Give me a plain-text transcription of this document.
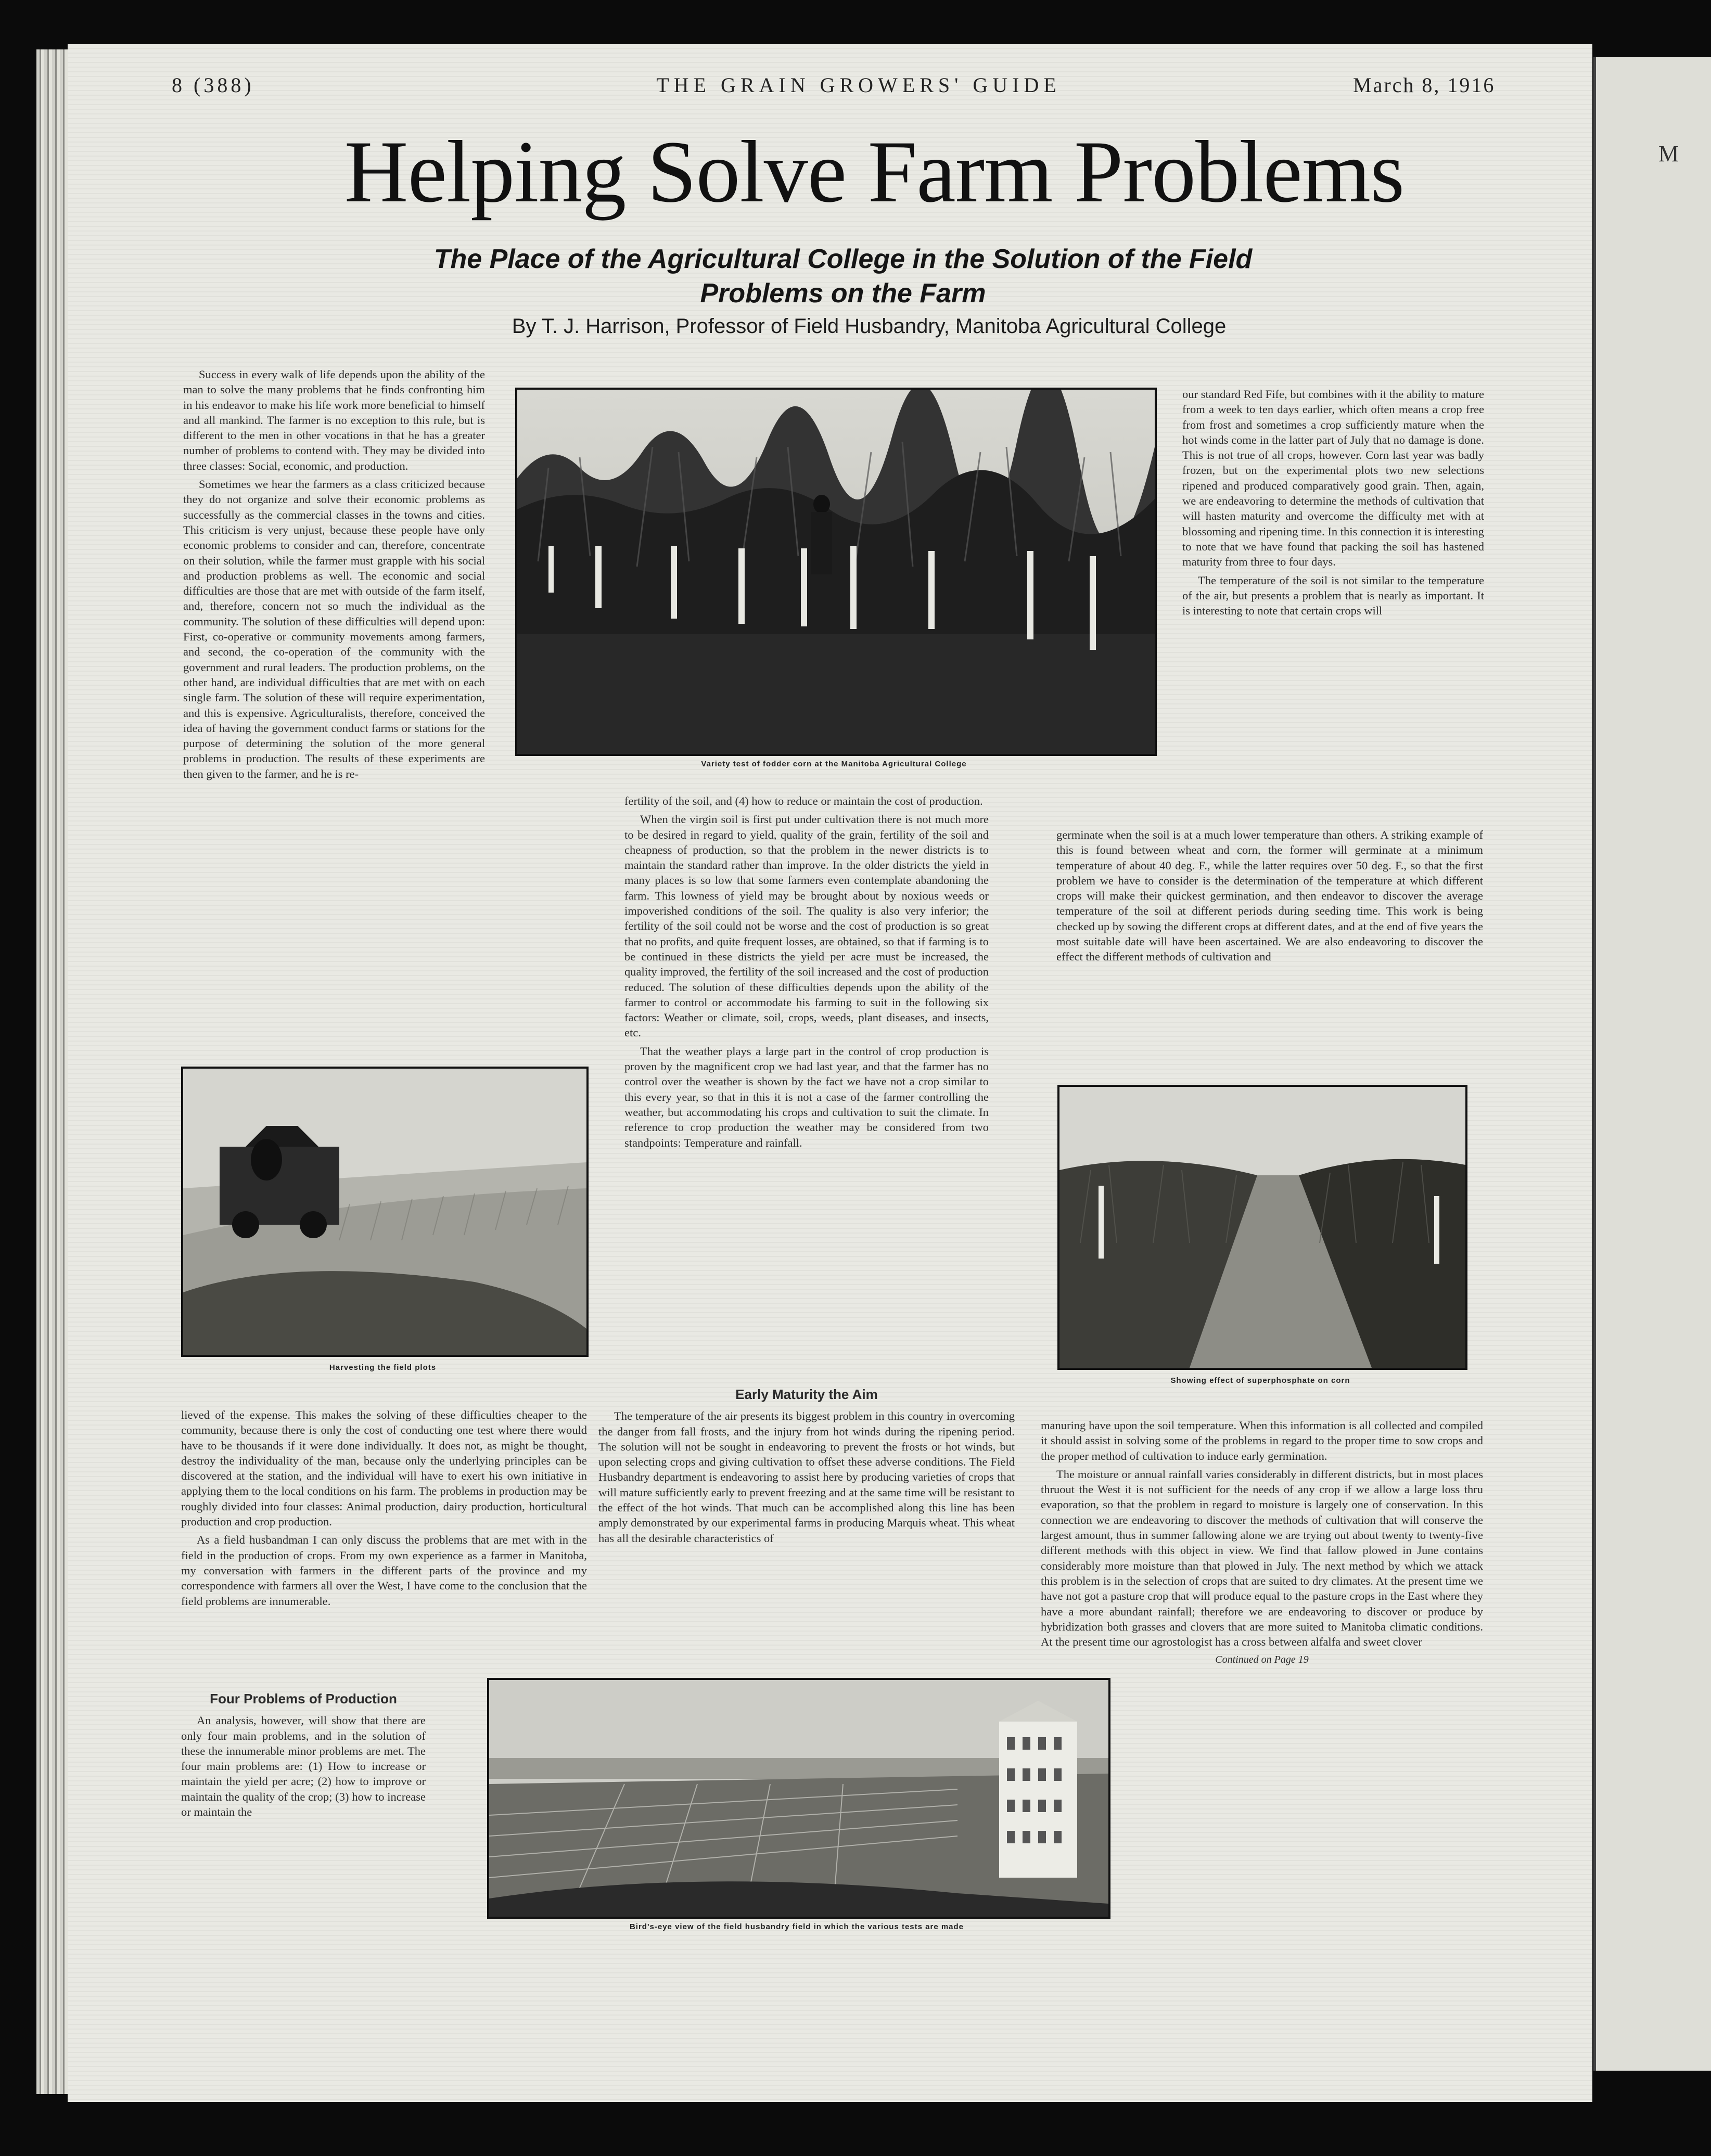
8 (388)	THE GRAIN GROWERS' GUIDE	March 8, 1916
Helping Solve Farm Problems
The Place of the Agricultural College in the Solution of the Field
Problems on the Farm
By T. J. Harrison, Professor of Field Husbandry, Manitoba Agricultural College

Success in every walk of life depends upon the ability of the man to solve the many problems that he finds confronting him in his endeavor to make his life work more beneficial to himself and all mankind. The farmer is no exception to this rule, but is different to the men in other vocations in that he has a greater number of problems to contend with. They may be divided into three classes: Social, economic, and production.

Sometimes we hear the farmers as a class criticized because they do not organize and solve their economic problems as successfully as the commercial classes in the towns and cities. This criticism is very unjust, because these people have only economic problems to consider and can, therefore, concentrate on their solution, while the farmer must grapple with his social and production problems as well. The economic and social difficulties are those that are met with outside of the farm itself, and, therefore, concern not so much the individual as the community. The solution of these difficulties will depend upon: First, co-operative or community movements among farmers, and second, the co-operation of the community with the government and rural leaders. The production problems, on the other hand, are individual difficulties that are met with on each single farm. The solution of these will require experimentation, and this is expensive. Agriculturalists, therefore, conceived the idea of having the government conduct farms or stations for the purpose of determining the solution of the more general problems in production. The results of these experiments are then given to the farmer, and he is re-

Variety test of fodder corn at the Manitoba Agricultural College

our standard Red Fife, but combines with it the ability to mature from a week to ten days earlier, which often means a crop free from frost and sometimes a crop sufficiently mature when the hot winds come in the latter part of July that no damage is done. This is not true of all crops, however. Corn last year was badly frozen, but on the experimental plots two new selections ripened and produced comparatively good grain. Then, again, we are endeavoring to determine the methods of cultivation that will hasten maturity and overcome the difficulty met with at blossoming and ripening time. In this connection it is interesting to note that we have found that packing the soil has hastened maturity from three to four days.

The temperature of the soil is not similar to the temperature of the air, but presents a problem that is nearly as important. It is interesting to note that certain crops will

fertility of the soil, and (4) how to reduce or maintain the cost of production.

When the virgin soil is first put under cultivation there is not much more to be desired in regard to yield, quality of the grain, fertility of the soil and cheapness of production, so that the problem in the newer districts is to maintain the standard rather than improve. In the older districts the yield in many places is so low that some farmers even contemplate abandoning the farm. This lowness of yield may be brought about by noxious weeds or impoverished conditions of the soil. The quality is also very inferior; the fertility of the soil could not be worse and the cost of production is so great that no profits, and quite frequent losses, are obtained, so that if farming is to be continued in these districts the yield per acre must be increased, the quality improved, the fertility of the soil increased and the cost of production reduced. The solution of these difficulties depends upon the ability of the farmer to control or accommodate his farming to suit in the following six factors: Weather or climate, soil, crops, weeds, plant diseases, and insects, etc.

That the weather plays a large part in the control of crop production is proven by the magnificent crop we had last year, and that the farmer has no control over the weather is shown by the fact we have not a crop similar to this every year, so that in this it is not a case of the farmer controlling the weather, but accommodating his crops and cultivation to suit the climate. In reference to crop production the weather may be considered from two standpoints: Temperature and rainfall.

germinate when the soil is at a much lower temperature than others. A striking example of this is found between wheat and corn, the former will germinate at a minimum temperature of about 40 deg. F., while the latter requires over 50 deg. F., so that the first problem we have to consider is the determination of the temperature at which different crops will make their quickest germination, and then endeavor to discover the average temperature of the soil at different periods during seeding time. This work is being checked up by sowing the different crops at different dates, and at the end of five years the most suitable date will have been ascertained. We are also endeavoring to discover the effect the different methods of cultivation and

Harvesting the field plots
Showing effect of superphosphate on corn

lieved of the expense. This makes the solving of these difficulties cheaper to the community, because there is only the cost of conducting one test where there would have to be thousands if it were done individually. It does not, as might be thought, destroy the individuality of the man, because only the underlying principles can be discovered at the station, and the individual will have to exert his own initiative in applying them to the local conditions on his farm. The problems in production may be roughly divided into four classes: Animal production, dairy production, horticultural production and crop production.

As a field husbandman I can only discuss the problems that are met with in the field in the production of crops. From my own experience as a farmer in Manitoba, my conversation with farmers in the different parts of the province and my correspondence with farmers all over the West, I have come to the conclusion that the field problems are innumerable.

Four Problems of Production

An analysis, however, will show that there are only four main problems, and in the solution of these the innumerable minor problems are met. The four main problems are: (1) How to increase or maintain the yield per acre; (2) how to improve or maintain the quality of the crop; (3) how to increase or maintain the

Early Maturity the Aim

The temperature of the air presents its biggest problem in this country in overcoming the danger from fall frosts, and the injury from hot winds during the ripening period. The solution will not be sought in endeavoring to prevent the frosts or hot winds, but upon selecting crops and giving cultivation to offset these adverse conditions. The Field Husbandry department is endeavoring to assist here by producing varieties of crops that will mature sufficiently early to prevent freezing and at the same time will be resistant to the effect of the hot winds. That much can be accomplished along this line has been amply demonstrated by our experimental farms in producing Marquis wheat. This wheat has all the desirable characteristics of

manuring have upon the soil temperature. When this information is all collected and compiled it should assist in solving some of the problems in regard to the proper time to sow crops and the proper method of cultivation to induce early germination.

The moisture or annual rainfall varies considerably in different districts, but in most places thruout the West it is not sufficient for the needs of any crop if we allow a large loss thru evaporation, so that the problem in regard to moisture is largely one of conservation. In this connection we are endeavoring to discover the methods of cultivation that will conserve the largest amount, thus in summer fallowing alone we are trying out about twenty to twenty-five different methods with this object in view. We find that fallow plowed in June contains considerably more moisture than that plowed in July. The next method by which we attack this problem is in the selection of crops that are suited to dry climates. At the present time we have not got a pasture crop that will produce equal to the pasture crops in the East where they have a more abundant rainfall; therefore we are endeavoring to discover or produce by hybridization both grasses and clovers that are more suited to Manitoba climatic conditions. At the present time our agrostologist has a cross between alfalfa and sweet clover

Continued on Page 19
Bird's-eye view of the field husbandry field in which the various tests are made
M
